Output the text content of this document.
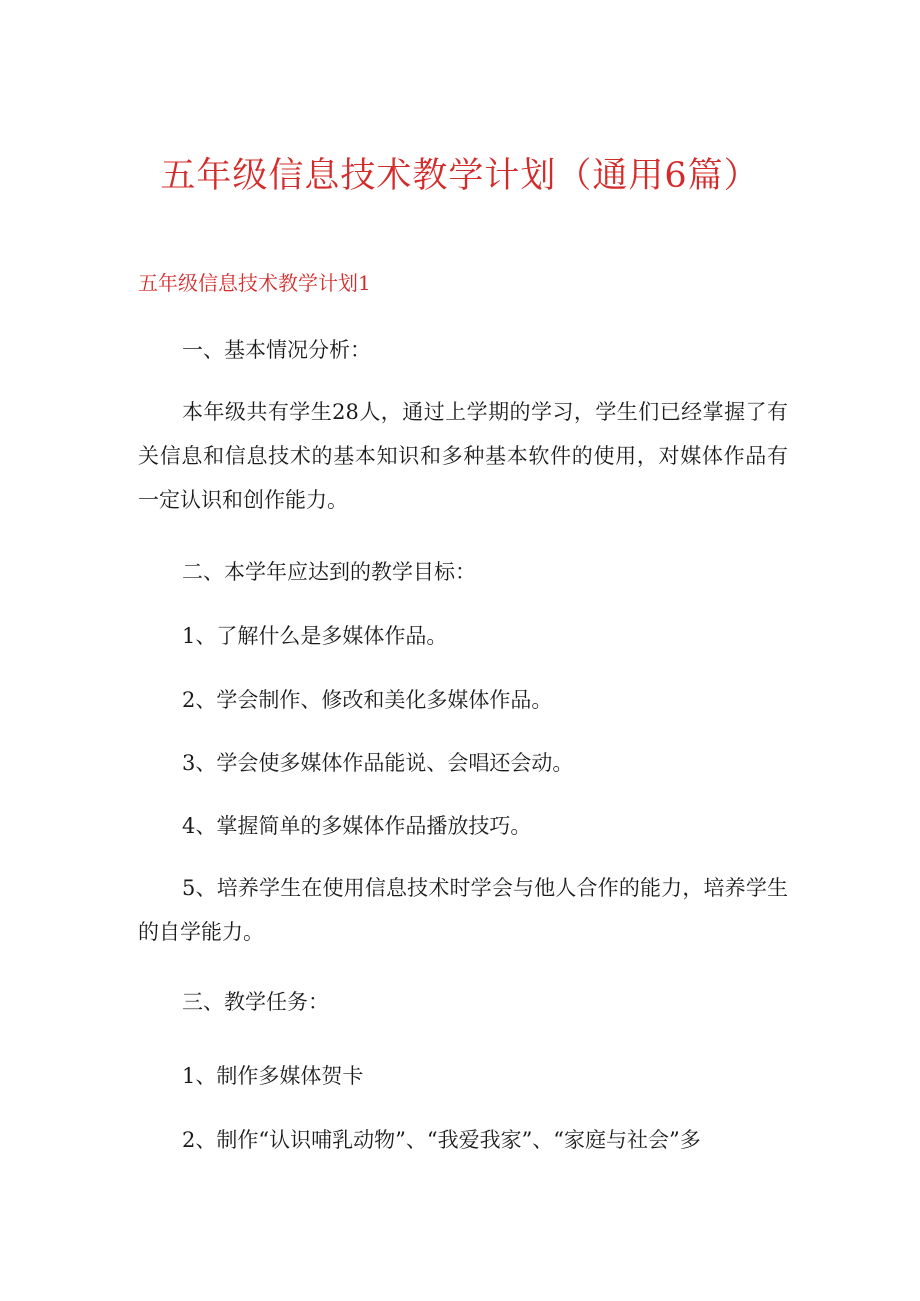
五年级信息技术教学计划（通用6篇）
五年级信息技术教学计划1

一、基本情况分析：

本年级共有学生28人，通过上学期的学习，学生们已经掌握了有关信息和信息技术的基本知识和多种基本软件的使用，对媒体作品有一定认识和创作能力。

二、本学年应达到的教学目标：

1、了解什么是多媒体作品。

2、学会制作、修改和美化多媒体作品。

3、学会使多媒体作品能说、会唱还会动。

4、掌握简单的多媒体作品播放技巧。

5、培养学生在使用信息技术时学会与他人合作的能力，培养学生的自学能力。

三、教学任务：

1、制作多媒体贺卡

2、制作“认识哺乳动物”、“我爱我家”、“家庭与社会”多
